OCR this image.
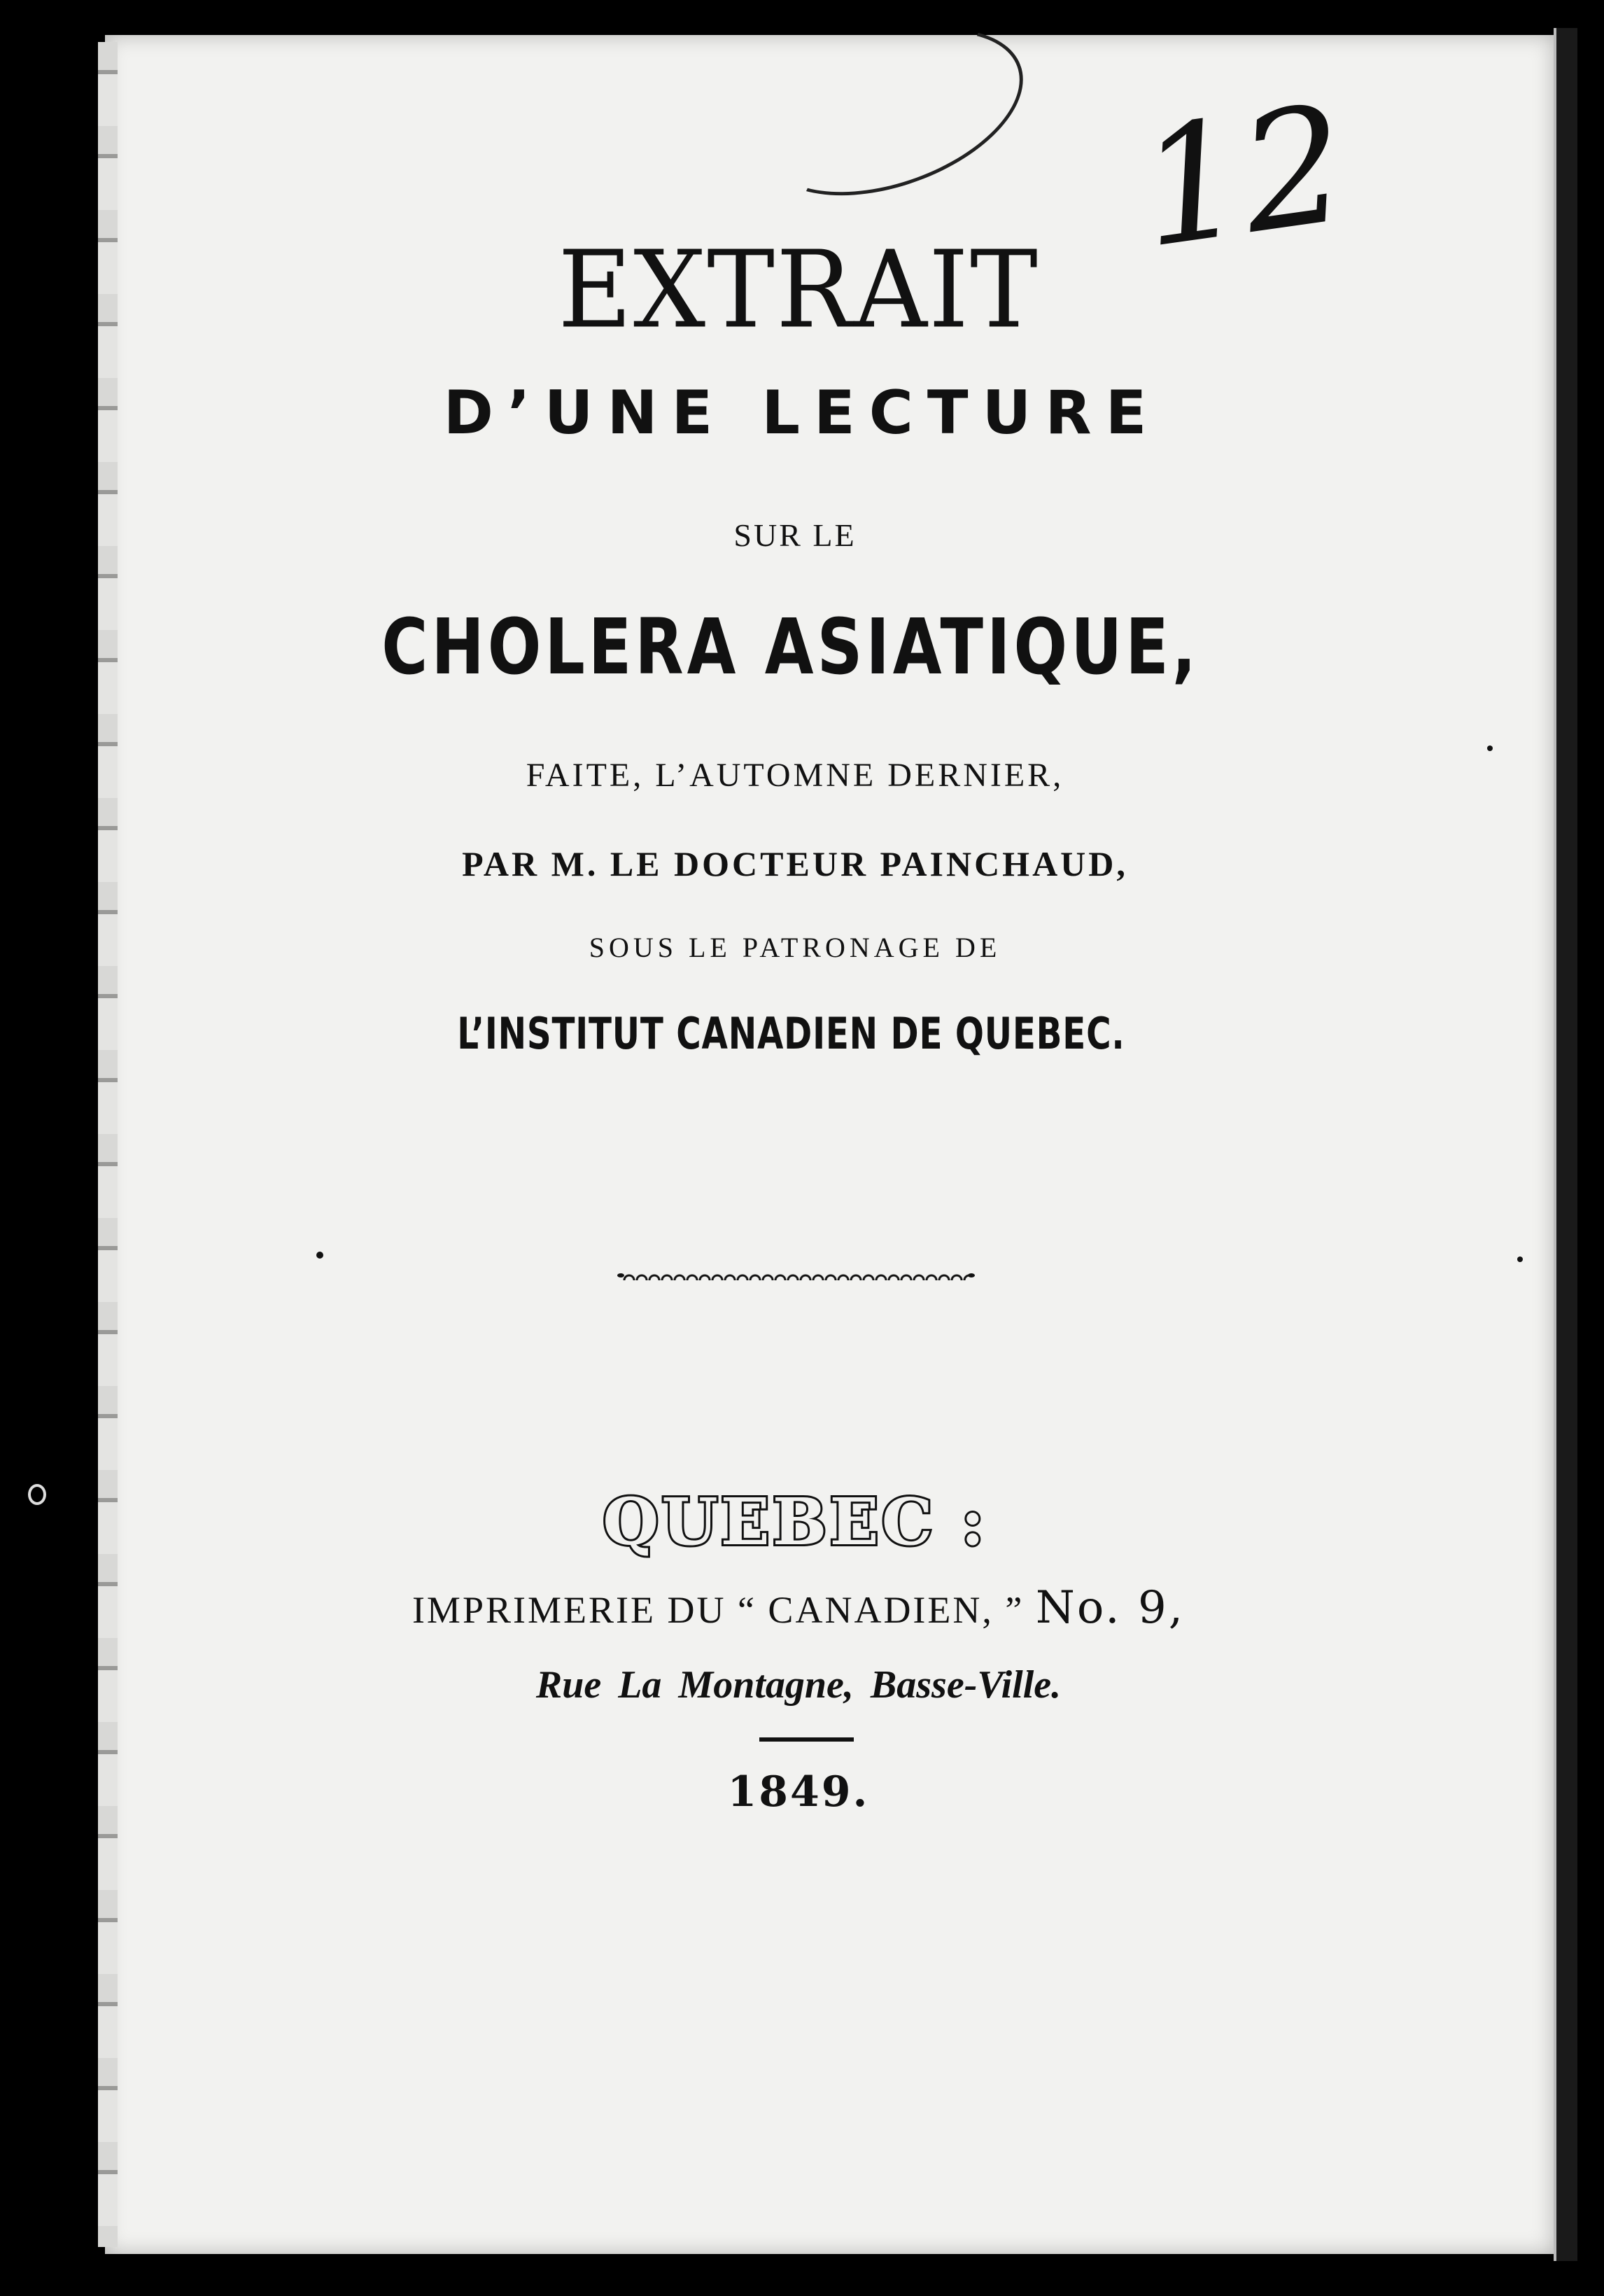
12

EXTRAIT

D’UNE LECTURE

SUR LE

CHOLERA ASIATIQUE,

FAITE, L’AUTOMNE DERNIER,

PAR M. LE DOCTEUR PAINCHAUD,

SOUS LE PATRONAGE DE

L’INSTITUT CANADIEN DE QUEBEC.

QUEBEC :

IMPRIMERIE DU “ CANADIEN, ” No. 9,

Rue La Montagne, Basse-Ville.

1849.
